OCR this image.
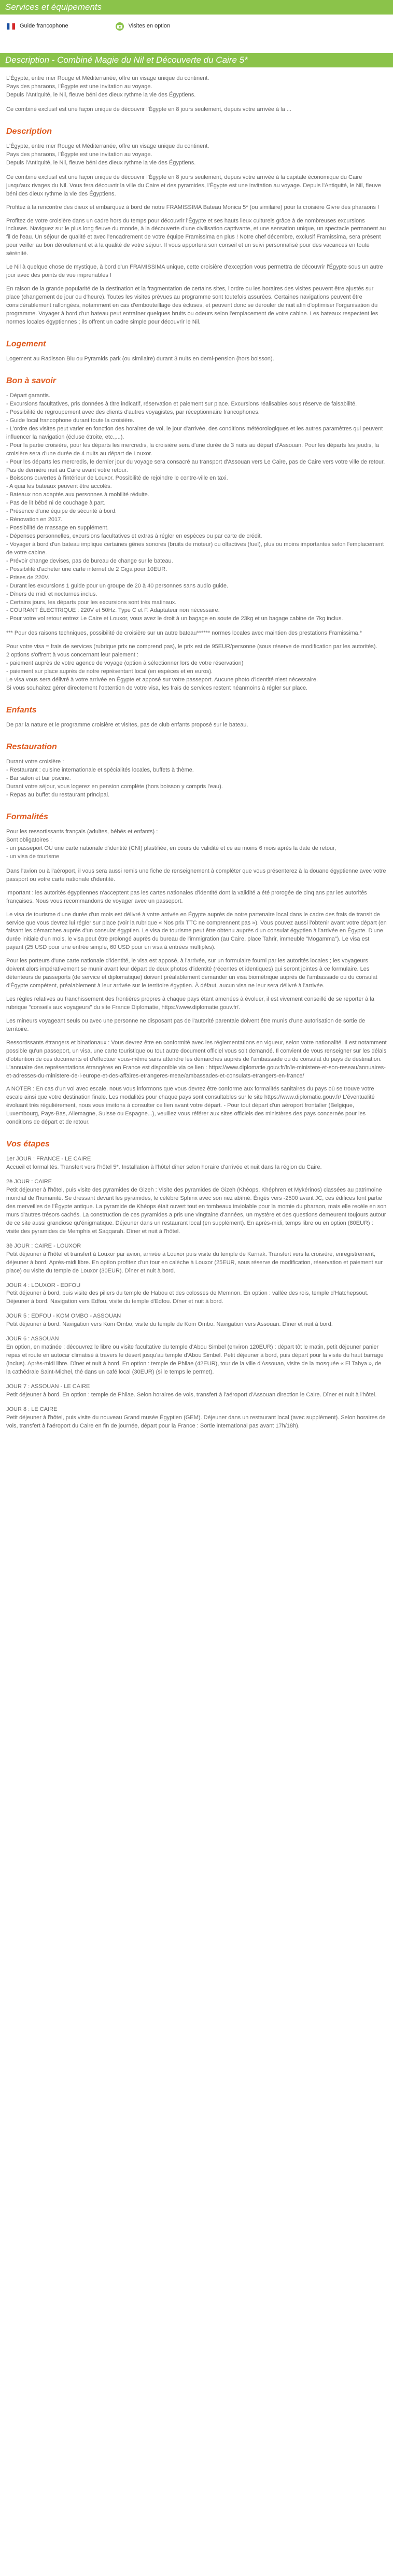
Services et équipements
Guide francophone	Visites en option
Description - Combiné Magie du Nil et Découverte du Caire 5*
L'Égypte, entre mer Rouge et Méditerranée, offre un visage unique du continent.
Pays des pharaons, l'Égypte est une invitation au voyage.
Depuis l'Antiquité, le Nil, fleuve béni des dieux rythme la vie des Égyptiens.

Ce combiné exclusif est une façon unique de découvrir l'Égypte en 8 jours seulement, depuis votre arrivée à la ...

Description
L'Égypte, entre mer Rouge et Méditerranée, offre un visage unique du continent.
Pays des pharaons, l'Égypte est une invitation au voyage.
Depuis l'Antiquité, le Nil, fleuve béni des dieux rythme la vie des Égyptiens.

Ce combiné exclusif est une façon unique de découvrir l'Égypte en 8 jours seulement, depuis votre arrivée à la capitale économique du Caire jusqu'aux rivages du Nil. Vous fera découvrir la ville du Caire et des pyramides, l'Égypte est une invitation au voyage. Depuis l'Antiquité, le Nil, fleuve béni des dieux rythme la vie des Égyptiens.

Profitez à la rencontre des dieux et embarquez à bord de notre FRAMISSIMA Bateau Monica 5* (ou similaire) pour la croisière Givre des pharaons !

Profitez de votre croisière dans un cadre hors du temps pour découvrir l'Égypte et ses hauts lieux culturels grâce à de nombreuses excursions incluses. Naviguez sur le plus long fleuve du monde, à la découverte d'une civilisation captivante, et une sensation unique, un spectacle permanent au fil de l'eau. Un séjour de qualité et avec l'encadrement de votre équipe Framissima en plus ! Notre chef décembre, exclusif Framissima, sera présent pour veiller au bon déroulement et à la qualité de votre séjour. Il vous apportera son conseil et un suivi personnalisé pour des vacances en toute sérénité.

Le Nil à quelque chose de mystique, à bord d'un FRAMISSIMA unique, cette croisière d'exception vous permettra de découvrir l'Égypte sous un autre jour avec des points de vue imprenables !

En raison de la grande popularité de la destination et la fragmentation de certains sites, l'ordre ou les horaires des visites peuvent être ajustés sur place (changement de jour ou d'heure). Toutes les visites prévues au programme sont toutefois assurées. Certaines navigations peuvent être considérablement rallongées, notamment en cas d'embouteillage des écluses, et peuvent donc se dérouler de nuit afin d'optimiser l'organisation du programme. Voyager à bord d'un bateau peut entraîner quelques bruits ou odeurs selon l'emplacement de votre cabine. Les bateaux respectent les normes locales égyptiennes ; ils offrent un cadre simple pour découvrir le Nil.

Logement

Logement au Radisson Blu ou Pyramids park (ou similaire) durant 3 nuits en demi-pension (hors boisson).

Bon à savoir
- Départ garantis.
- Excursions facultatives, pris données à titre indicatif, réservation et paiement sur place. Excursions réalisables sous réserve de faisabilité.
- Possibilité de regroupement avec des clients d'autres voyagistes, par réceptionnaire francophones.
- Guide local francophone durant toute la croisière.
- L'ordre des visites peut varier en fonction des horaires de vol, le jour d'arrivée, des conditions météorologiques et les autres paramètres qui peuvent influencer la navigation (écluse étroite, etc.,...).
- Pour la partie croisière, pour les départs les mercredis, la croisière sera d'une durée de 3 nuits au départ d'Assouan. Pour les départs les jeudis, la croisière sera d'une durée de 4 nuits au départ de Louxor.
- Pour les départs les mercredis, le dernier jour du voyage sera consacré au transport d'Assouan vers Le Caire, pas de Caire vers votre ville de retour. Pas de dernière nuit au Caire avant votre retour.
- Boissons ouvertes à l'intérieur de Louxor. Possibilité de rejoindre le centre-ville en taxi.
- A quai les bateaux peuvent être accolés.
- Bateaux non adaptés aux personnes à mobilité réduite.
- Pas de lit bébé ni de couchage à part.
- Présence d'une équipe de sécurité à bord.
- Rénovation en 2017.
- Possibilité de massage en supplément.
- Dépenses personnelles, excursions facultatives et extras à régler en espèces ou par carte de crédit.
- Voyager à bord d'un bateau implique certaines gênes sonores (bruits de moteur) ou olfactives (fuel), plus ou moins importantes selon l'emplacement de votre cabine.
- Prévoir change devises, pas de bureau de change sur le bateau.
- Possibilité d'acheter une carte internet de 2 Giga pour 10EUR.
- Prises de 220V.
- Durant les excursions 1 guide pour un groupe de 20 à 40 personnes sans audio guide.
- Dîners de midi et nocturnes inclus.
- Certains jours, les départs pour les excursions sont très matinaux.
- COURANT ÉLECTRIQUE : 220V et 50Hz. Type C et F. Adaptateur non nécessaire.
- Pour votre vol retour entrez Le Caire et Louxor, vous avez le droit à un bagage en soute de 23kg et un bagage cabine de 7kg inclus.

*** Pour des raisons techniques, possibilité de croisière sur un autre bateau****** normes locales avec maintien des prestations Framissima.*

Pour votre visa = frais de services (rubrique prix ne comprend pas), le prix est de 95EUR/personne (sous réserve de modification par les autorités).
2 options s'offrent à vous concernant leur paiement :
- paiement auprès de votre agence de voyage (option à sélectionner lors de votre réservation)
- paiement sur place auprès de notre représentant local (en espèces et en euros).
Le visa vous sera délivré à votre arrivée en Égypte et apposé sur votre passeport. Aucune photo d'identité n'est nécessaire.
Si vous souhaitez gérer directement l'obtention de votre visa, les frais de services restent néanmoins à régler sur place.
Enfants

De par la nature et le programme croisière et visites, pas de club enfants proposé sur le bateau.

Restauration
Durant votre croisière :
- Restaurant : cuisine internationale et spécialités locales, buffets à thème.
- Bar salon et bar piscine.
Durant votre séjour, vous logerez en pension complète (hors boisson y compris l'eau).
- Repas au buffet du restaurant principal.
Formalités
Pour les ressortissants français (adultes, bébés et enfants) :
Sont obligatoires :
- un passeport OU une carte nationale d'identité (CNI) plastifiée, en cours de validité et ce au moins 6 mois après la date de retour,
- un visa de tourisme

Dans l'avion ou à l'aéroport, il vous sera aussi remis une fiche de renseignement à compléter que vous présenterez à la douane égyptienne avec votre passport ou votre carte nationale d'identité.

Important : les autorités égyptiennes n'acceptent pas les cartes nationales d'identité dont la validité a été prorogée de cinq ans par les autorités françaises. Nous vous recommandons de voyager avec un passeport.

Le visa de tourisme d'une durée d'un mois est délivré à votre arrivée en Égypte auprès de notre partenaire local dans le cadre des frais de transit de service que vous devrez lui régler sur place (voir la rubrique « Nos prix TTC ne comprennent pas »). Vous pouvez aussi l'obtenir avant votre départ (en faisant les démarches auprès d'un consulat égyptien. Le visa de tourisme peut être obtenu auprès d'un consulat égyptien à l'arrivée en Égypte. D'une durée initiale d'un mois, le visa peut être prolongé auprès du bureau de l'immigration (au Caire, place Tahrir, immeuble "Mogamma"). Le visa est payant (25 USD pour une entrée simple, 60 USD pour un visa à entrées multiples).

Pour les porteurs d'une carte nationale d'identité, le visa est apposé, à l'arrivée, sur un formulaire fourni par les autorités locales ; les voyageurs doivent alors impérativement se munir avant leur départ de deux photos d'identité (récentes et identiques) qui seront jointes à ce formulaire. Les détenteurs de passeports (de service et diplomatique) doivent préalablement demander un visa biométrique auprès de l'ambassade ou du consulat d'Égypte compétent, préalablement à leur arrivée sur le territoire égyptien. À défaut, aucun visa ne leur sera délivré à l'arrivée.

Les règles relatives au franchissement des frontières propres à chaque pays étant amenées à évoluer, il est vivement conseillé de se reporter à la rubrique "conseils aux voyageurs" du site France Diplomatie, https://www.diplomatie.gouv.fr/.

Les mineurs voyageant seuls ou avec une personne ne disposant pas de l'autorité parentale doivent être munis d'une autorisation de sortie de territoire.

Ressortissants étrangers et binationaux : Vous devrez être en conformité avec les réglementations en vigueur, selon votre nationalité. Il est notamment possible qu'un passeport, un visa, une carte touristique ou tout autre document officiel vous soit demandé. Il convient de vous renseigner sur les délais d'obtention de ces documents et d'effectuer vous-même sans attendre les démarches auprès de l'ambassade ou du consulat du pays de destination. L'annuaire des représentations étrangères en France est disponible via ce lien : https://www.diplomatie.gouv.fr/fr/le-ministere-et-son-reseau/annuaires-et-adresses-du-ministere-de-l-europe-et-des-affaires-etrangeres-meae/ambassades-et-consulats-etrangers-en-france/

A NOTER : En cas d'un vol avec escale, nous vous informons que vous devrez être conforme aux formalités sanitaires du pays où se trouve votre escale ainsi que votre destination finale. Les modalités pour chaque pays sont consultables sur le site https://www.diplomatie.gouv.fr/ L'éventualité évoluant très régulièrement, nous vous invitons à consulter ce lien avant votre départ. - Pour tout départ d'un aéroport frontalier (Belgique, Luxembourg, Pays-Bas, Allemagne, Suisse ou Espagne...), veuillez vous référer aux sites officiels des ministères des pays concernés pour les conditions de départ et de retour.

Vos étapes
1er JOUR : FRANCE - LE CAIRE
Accueil et formalités. Transfert vers l'hôtel 5*. Installation à l'hôtel dîner selon horaire d'arrivée et nuit dans la région du Caire.
2è JOUR : CAIRE
Petit déjeuner à l'hôtel, puis visite des pyramides de Gizeh : Visite des pyramides de Gizeh (Khéops, Khéphren et Mykérinos) classées au patrimoine mondial de l'humanité. Se dressant devant les pyramides, le célèbre Sphinx avec son nez abîmé. Érigés vers -2500 avant JC, ces édifices font partie des merveilles de l'Égypte antique. La pyramide de Khéops était ouvert tout en tombeaux inviolable pour la momie du pharaon, mais elle recèle en son murs d'autres trésors cachés. La construction de ces pyramides a pris une vingtaine d'années, un mystère et des questions demeurent toujours autour de ce site aussi grandiose qu'énigmatique. Déjeuner dans un restaurant local (en supplément). En après-midi, temps libre ou en option (80EUR) : visite des pyramides de Memphis et Saqqarah. Dîner et nuit à l'hôtel.
3è JOUR : CAIRE - LOUXOR
Petit déjeuner à l'hôtel et transfert à Louxor par avion, arrivée à Louxor puis visite du temple de Karnak. Transfert vers la croisière, enregistrement, déjeuner à bord. Après-midi libre. En option profitez d'un tour en calèche à Louxor (25EUR, sous réserve de modification, réservation et paiement sur place) ou visite du temple de Louxor (30EUR). Dîner et nuit à bord.
JOUR 4 : LOUXOR - EDFOU
Petit déjeuner à bord, puis visite des piliers du temple de Habou et des colosses de Memnon. En option : vallée des rois, temple d'Hatchepsout. Déjeuner à bord. Navigation vers Edfou, visite du temple d'Edfou. Dîner et nuit à bord.
JOUR 5 : EDFOU - KOM OMBO - ASSOUAN
Petit déjeuner à bord. Navigation vers Kom Ombo, visite du temple de Kom Ombo. Navigation vers Assouan. Dîner et nuit à bord.
JOUR 6 : ASSOUAN
En option, en matinée : découvrez le libre ou visite facultative du temple d'Abou Simbel (environ 120EUR) : départ tôt le matin, petit déjeuner panier repas et route en autocar climatisé à travers le désert jusqu'au temple d'Abou Simbel. Petit déjeuner à bord, puis départ pour la visite du haut barrage (inclus). Après-midi libre. Dîner et nuit à bord. En option : temple de Philae (42EUR), tour de la ville d'Assouan, visite de la mosquée « El Tabya », de la cathédrale Saint-Michel, thé dans un café local (30EUR) (si le temps le permet).
JOUR 7 : ASSOUAN - LE CAIRE
Petit déjeuner à bord. En option : temple de Philae. Selon horaires de vols, transfert à l'aéroport d'Assouan direction le Caire. Dîner et nuit à l'hôtel.
JOUR 8 : LE CAIRE
Petit déjeuner à l'hôtel, puis visite du nouveau Grand musée Égyptien (GEM). Déjeuner dans un restaurant local (avec supplément). Selon horaires de vols, transfert à l'aéroport du Caire en fin de journée, départ pour la France : Sortie international pas avant 17h/18h).
